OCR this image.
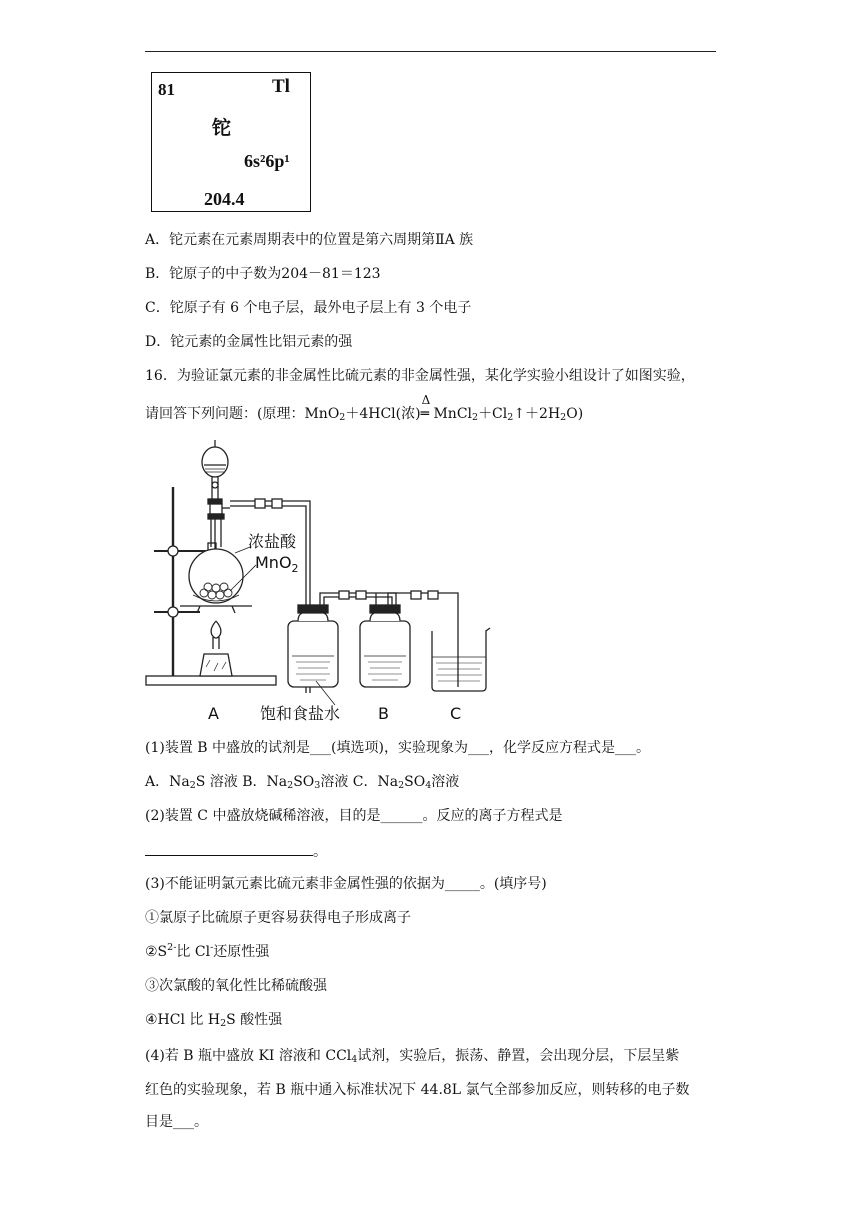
81	Tl
铊
6s²6p¹
204.4
A．铊元素在元素周期表中的位置是第六周期第ⅡA 族
B．铊原子的中子数为204－81＝123
C．铊原子有 6 个电子层，最外电子层上有 3 个电子
D．铊元素的金属性比铝元素的强
16．为验证氯元素的非金属性比硫元素的非金属性强，某化学实验小组设计了如图实验，
请回答下列问题：(原理：MnO$_2$＋4HCl(浓)
Δ
═ $MnCl_2+Cl_2↑+2H_2O$)
浓盐酸
MnO$_2$
A	饱和食盐水 B	C
(1)装置 B 中盛放的试剂是___(填选项)，实验现象为___，化学反应方程式是___。
A．$Na_2S$ 溶液 B．$Na_2SO_3$溶液 C．$Na_2SO_4$溶液
(2)装置 C 中盛放烧碱稀溶液，目的是______。反应的离子方程式是
。
(3)不能证明氯元素比硫元素非金属性强的依据为_____。(填序号)
①氯原子比硫原子更容易获得电子形成离子
$②S^{2-}$比 Cl-还原性强
③次氯酸的氧化性比稀硫酸强
④HCl 比 $H_2S$ 酸性强
(4)若 B 瓶中盛放 KI 溶液和 CCl$_4$试剂，实验后，振荡、静置，会出现分层，下层呈紫
红色的实验现象，若 B 瓶中通入标准状况下 44.8L 氯气全部参加反应，则转移的电子数
目是___。
